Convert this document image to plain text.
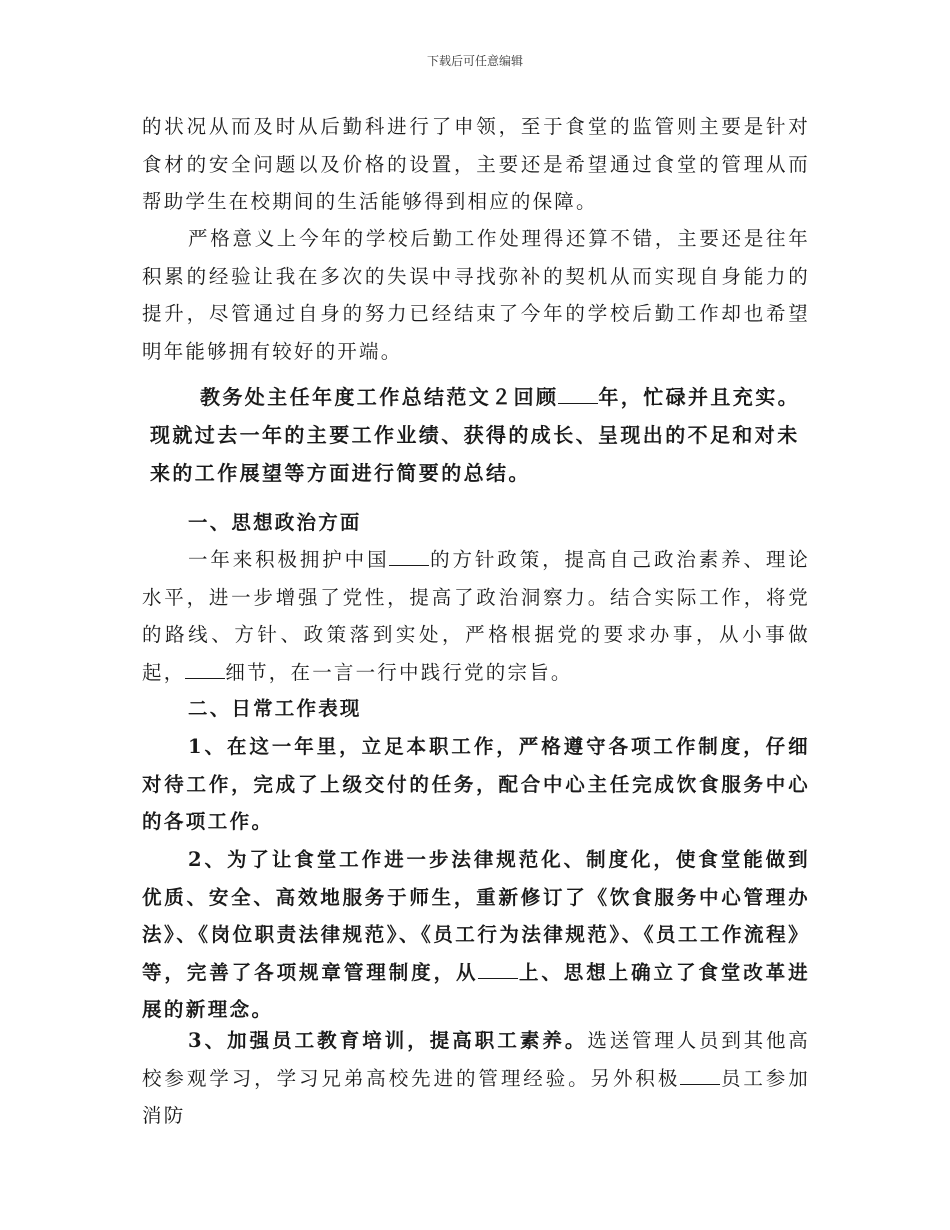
下载后可任意编辑

的状况从而及时从后勤科进行了申领，至于食堂的监管则主要是针对食材的安全问题以及价格的设置，主要还是希望通过食堂的管理从而帮助学生在校期间的生活能够得到相应的保障。

严格意义上今年的学校后勤工作处理得还算不错，主要还是往年积累的经验让我在多次的失误中寻找弥补的契机从而实现自身能力的提升，尽管通过自身的努力已经结束了今年的学校后勤工作却也希望明年能够拥有较好的开端。

教务处主任年度工作总结范文２回顾 年，忙碌并且充实。现就过去一年的主要工作业绩、获得的成长、呈现出的不足和对未来的工作展望等方面进行简要的总结。

一、思想政治方面

一年来积极拥护中国 的方针政策，提高自己政治素养、理论水平，进一步增强了党性，提高了政治洞察力。结合实际工作，将党的路线、方针、政策落到实处，严格根据党的要求办事，从小事做起， 细节，在一言一行中践行党的宗旨。

二、日常工作表现

1、在这一年里，立足本职工作，严格遵守各项工作制度，仔细对待工作，完成了上级交付的任务，配合中心主任完成饮食服务中心的各项工作。

2、为了让食堂工作进一步法律规范化、制度化，使食堂能做到优质、安全、高效地服务于师生，重新修订了《饮食服务中心管理办法》、《岗位职责法律规范》、《员工行为法律规范》、《员工工作流程》等，完善了各项规章管理制度，从 上、思想上确立了食堂改革进展的新理念。

3、加强员工教育培训，提高职工素养。选送管理人员到其他高校参观学习，学习兄弟高校先进的管理经验。另外积极 员工参加消防
